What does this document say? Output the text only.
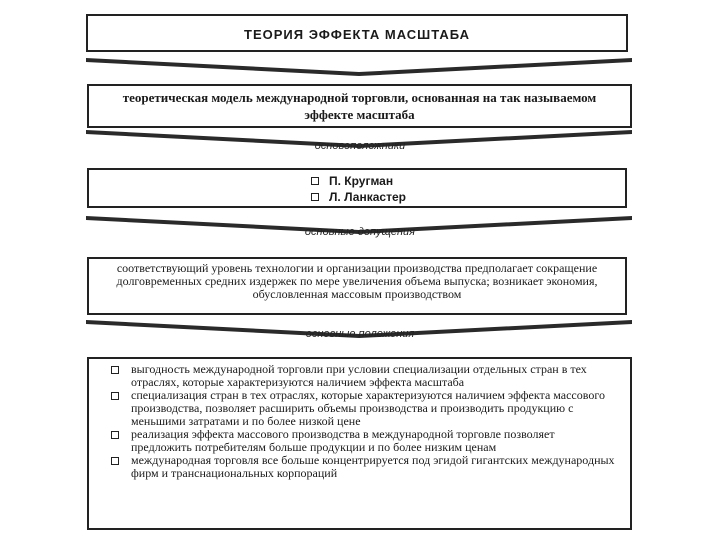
ТЕОРИЯ ЭФФЕКТА МАСШТАБА
теоретическая модель международной торговли, основанная на так называемом эффекте масштаба
основоположники
П. Кругман
Л. Ланкастер
основные допущения
соответствующий уровень технологии и организации производства предполагает сокращение долговременных средних издержек по мере увеличения объема выпуска; возникает экономия, обусловленная массовым производством
основные положения
выгодность международной торговли при условии специализации отдельных стран в тех отраслях, которые характеризуются наличием эффекта масштаба
специализация стран в тех отраслях, которые характеризуются наличием эффекта массового производства, позволяет расширить объемы производства и производить продукцию с меньшими затратами и по более низкой цене
реализация эффекта массового производства в международной торговле позволяет предложить потребителям больше продукции и по более низким ценам
международная торговля все больше концентрируется под эгидой гигантских международных фирм и транснациональных корпораций
